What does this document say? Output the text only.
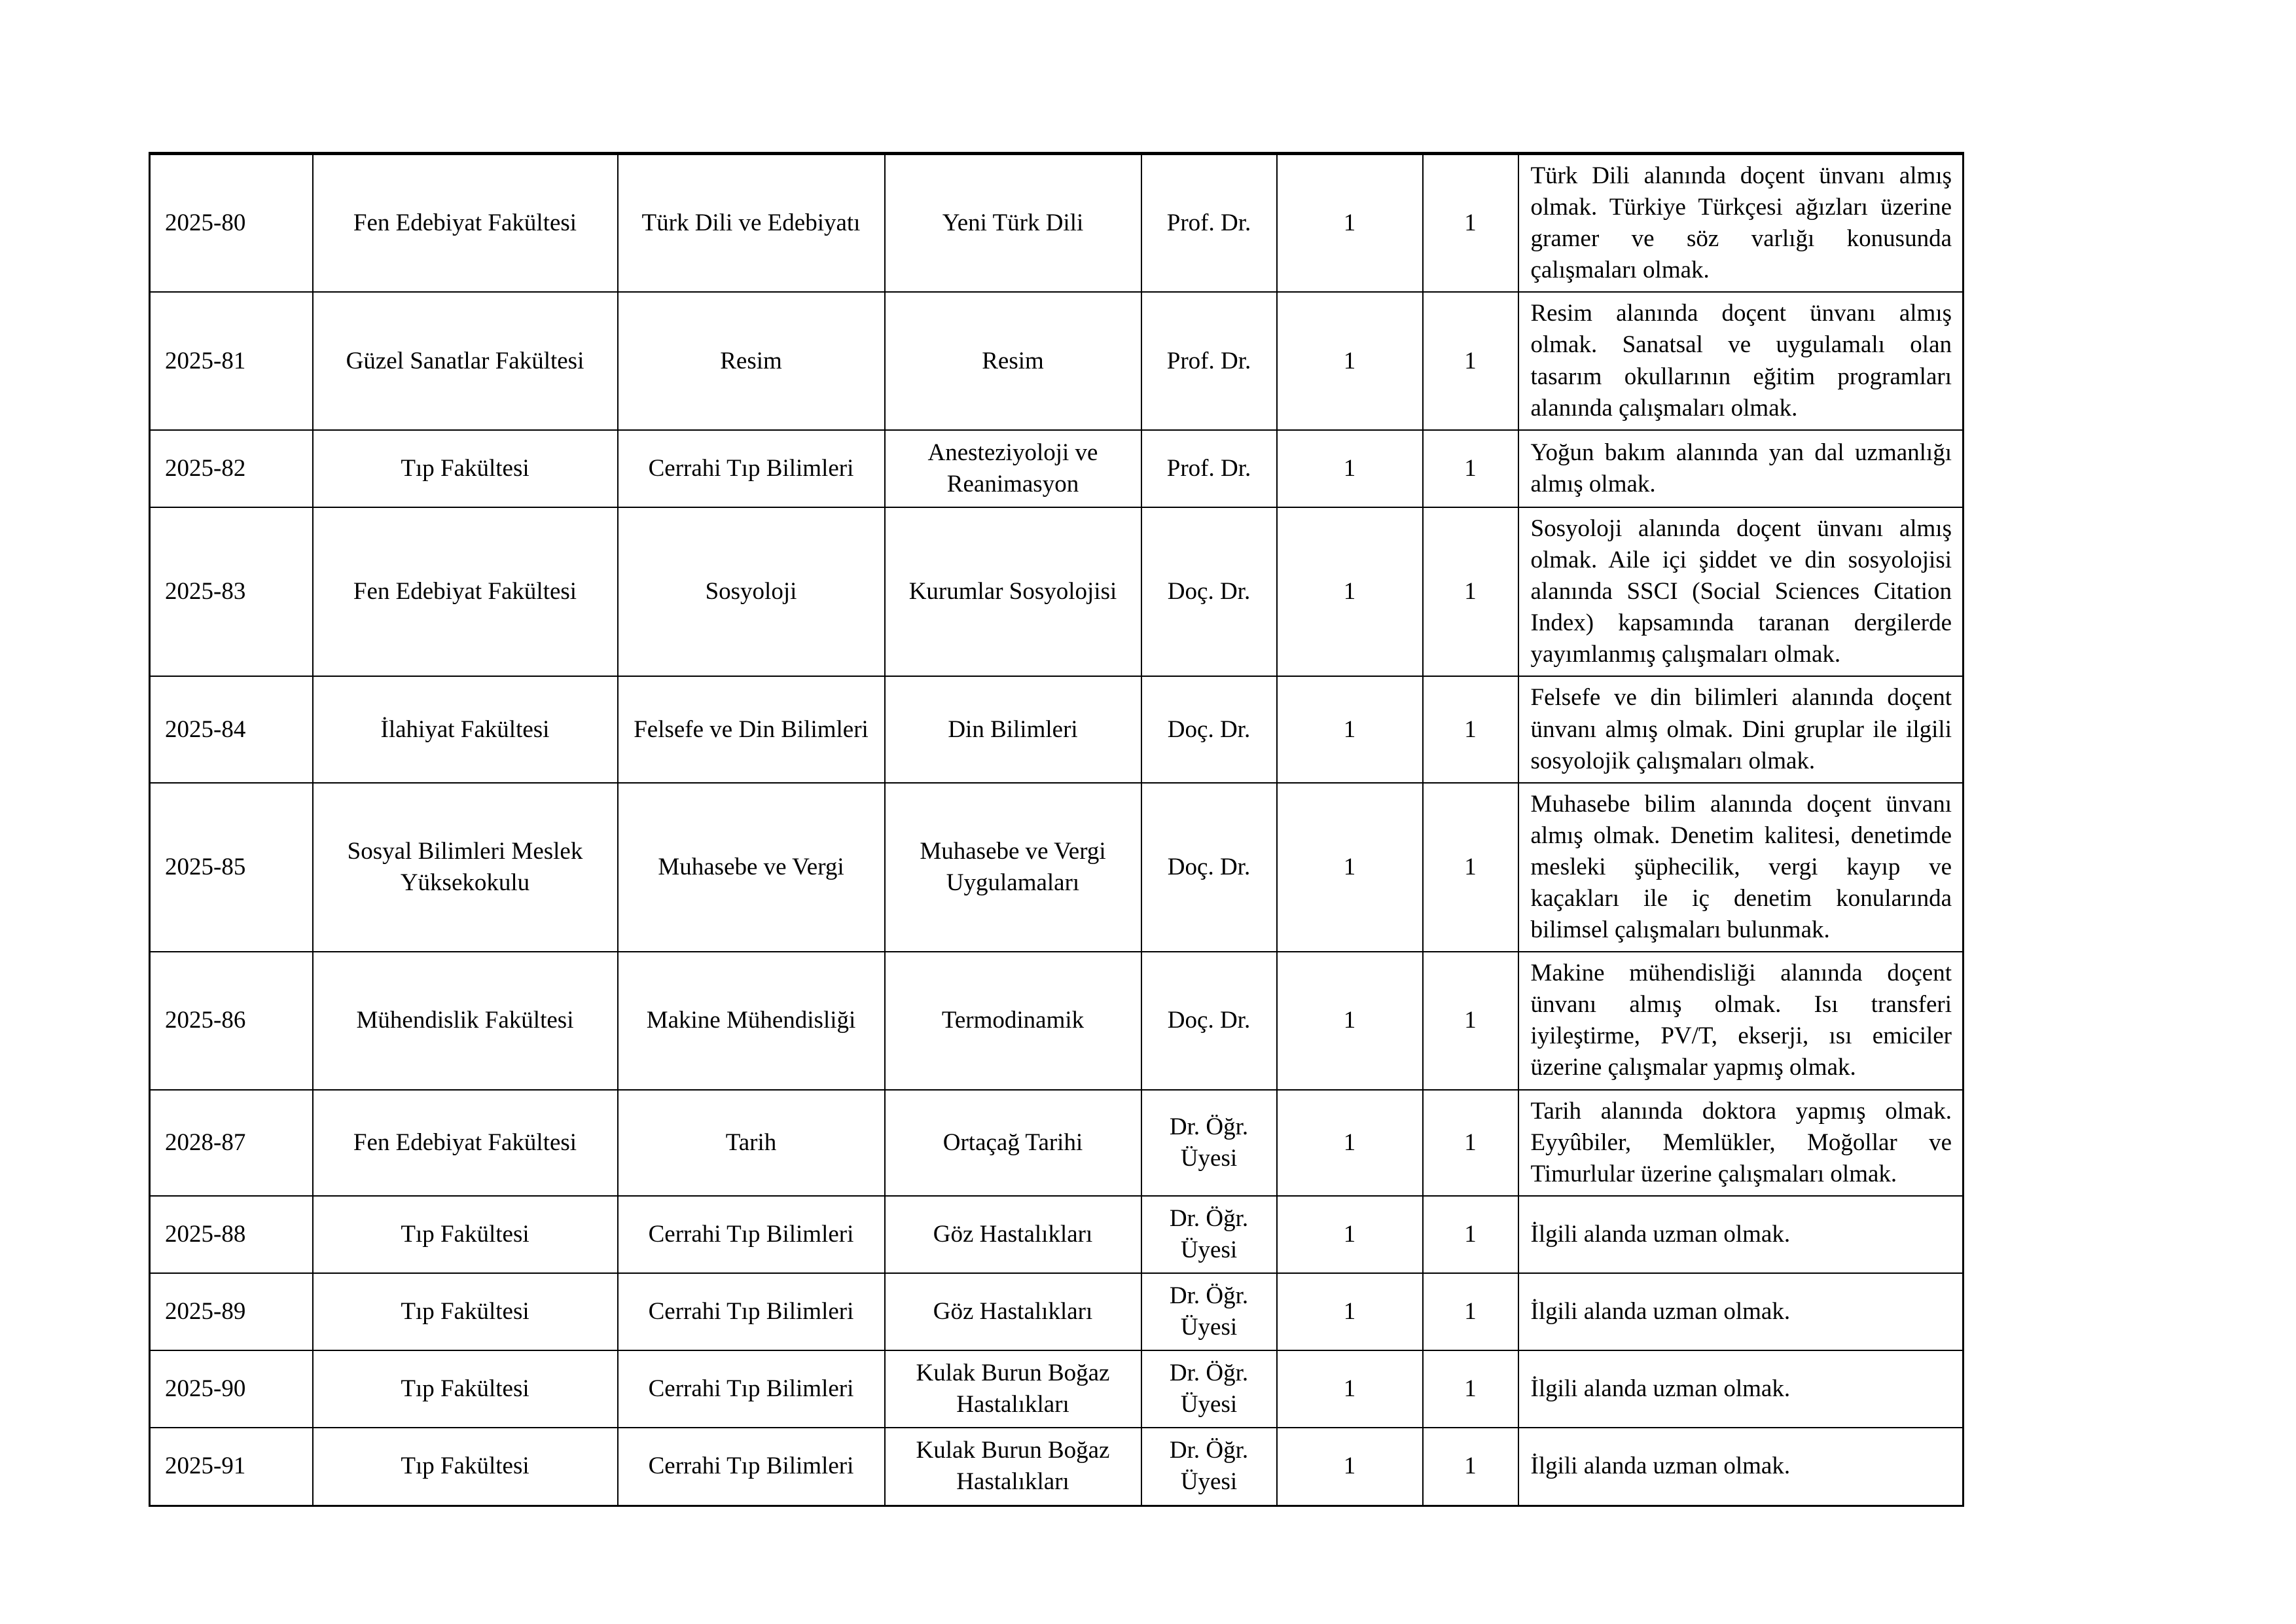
2025-80	Fen Edebiyat Fakültesi	Türk Dili ve Edebiyatı	Yeni Türk Dili	Prof. Dr.	1	1	Türk Dili alanında doçent ünvanı almış olmak. Türkiye Türkçesi ağızları üzerine gramer ve söz varlığı konusunda çalışmaları olmak.

2025-81	Güzel Sanatlar Fakültesi	Resim	Resim	Prof. Dr.	1	1	Resim alanında doçent ünvanı almış olmak. Sanatsal ve uygulamalı olan tasarım okullarının eğitim programları alanında çalışmaları olmak.

2025-82	Tıp Fakültesi	Cerrahi Tıp Bilimleri	Anesteziyoloji ve Reanimasyon	Prof. Dr.	1	1	Yoğun bakım alanında yan dal uzmanlığı almış olmak.

2025-83	Fen Edebiyat Fakültesi	Sosyoloji	Kurumlar Sosyolojisi	Doç. Dr.	1	1	Sosyoloji alanında doçent ünvanı almış olmak. Aile içi şiddet ve din sosyolojisi alanında SSCI (Social Sciences Citation Index) kapsamında taranan dergilerde yayımlanmış çalışmaları olmak.

2025-84	İlahiyat Fakültesi	Felsefe ve Din Bilimleri	Din Bilimleri	Doç. Dr.	1	1	Felsefe ve din bilimleri alanında doçent ünvanı almış olmak. Dini gruplar ile ilgili sosyolojik çalışmaları olmak.

2025-85	Sosyal Bilimleri Meslek Yüksekokulu	Muhasebe ve Vergi	Muhasebe ve Vergi Uygulamaları	Doç. Dr.	1	1	Muhasebe bilim alanında doçent ünvanı almış olmak. Denetim kalitesi, denetimde mesleki şüphecilik, vergi kayıp ve kaçakları ile iç denetim konularında bilimsel çalışmaları bulunmak.

2025-86	Mühendislik Fakültesi	Makine Mühendisliği	Termodinamik	Doç. Dr.	1	1	Makine mühendisliği alanında doçent ünvanı almış olmak. Isı transferi iyileştirme, PV/T, ekserji, ısı emiciler üzerine çalışmalar yapmış olmak.

2028-87	Fen Edebiyat Fakültesi	Tarih	Ortaçağ Tarihi	Dr. Öğr. Üyesi	1	1	Tarih alanında doktora yapmış olmak. Eyyûbiler, Memlükler, Moğollar ve Timurlular üzerine çalışmaları olmak.

2025-88	Tıp Fakültesi	Cerrahi Tıp Bilimleri	Göz Hastalıkları	Dr. Öğr. Üyesi	1	1	İlgili alanda uzman olmak.

2025-89	Tıp Fakültesi	Cerrahi Tıp Bilimleri	Göz Hastalıkları	Dr. Öğr. Üyesi	1	1	İlgili alanda uzman olmak.

2025-90	Tıp Fakültesi	Cerrahi Tıp Bilimleri	Kulak Burun Boğaz Hastalıkları	Dr. Öğr. Üyesi	1	1	İlgili alanda uzman olmak.

2025-91	Tıp Fakültesi	Cerrahi Tıp Bilimleri	Kulak Burun Boğaz Hastalıkları	Dr. Öğr. Üyesi	1	1	İlgili alanda uzman olmak.
